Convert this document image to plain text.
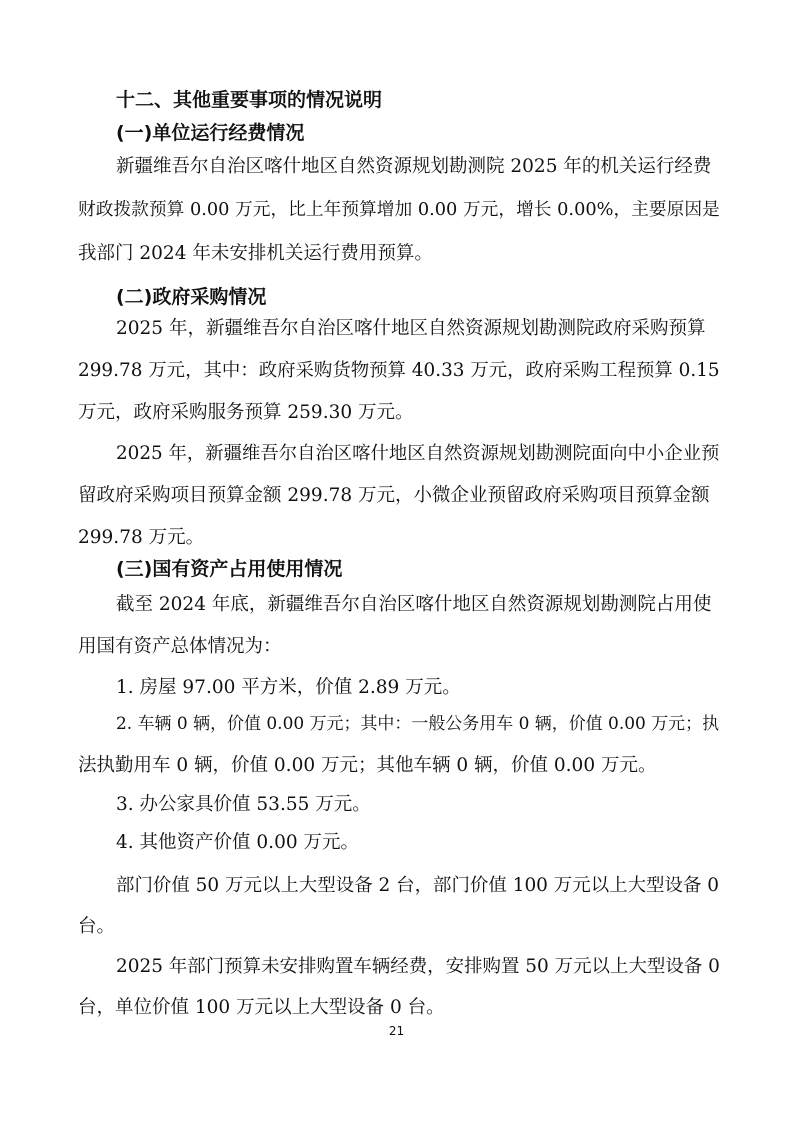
十二、其他重要事项的情况说明
(一)单位运行经费情况
新疆维吾尔自治区喀什地区自然资源规划勘测院 2025 年的机关运行经费
财政拨款预算 0.00 万元，比上年预算增加 0.00 万元，增长 0.00%，主要原因是
我部门 2024 年未安排机关运行费用预算。
(二)政府采购情况
2025 年，新疆维吾尔自治区喀什地区自然资源规划勘测院政府采购预算
299.78 万元，其中：政府采购货物预算 40.33 万元，政府采购工程预算 0.15
万元，政府采购服务预算 259.30 万元。
2025 年，新疆维吾尔自治区喀什地区自然资源规划勘测院面向中小企业预
留政府采购项目预算金额 299.78 万元，小微企业预留政府采购项目预算金额
299.78 万元。
(三)国有资产占用使用情况
截至 2024 年底，新疆维吾尔自治区喀什地区自然资源规划勘测院占用使
用国有资产总体情况为：
1. 房屋 97.00 平方米，价值 2.89 万元。
2. 车辆 0 辆，价值 0.00 万元；其中：一般公务用车 0 辆，价值 0.00 万元；执
法执勤用车 0 辆，价值 0.00 万元；其他车辆 0 辆，价值 0.00 万元。
3. 办公家具价值 53.55 万元。
4. 其他资产价值 0.00 万元。
部门价值 50 万元以上大型设备 2 台，部门价值 100 万元以上大型设备 0
台。
2025 年部门预算未安排购置车辆经费，安排购置 50 万元以上大型设备 0
台，单位价值 100 万元以上大型设备 0 台。
21
